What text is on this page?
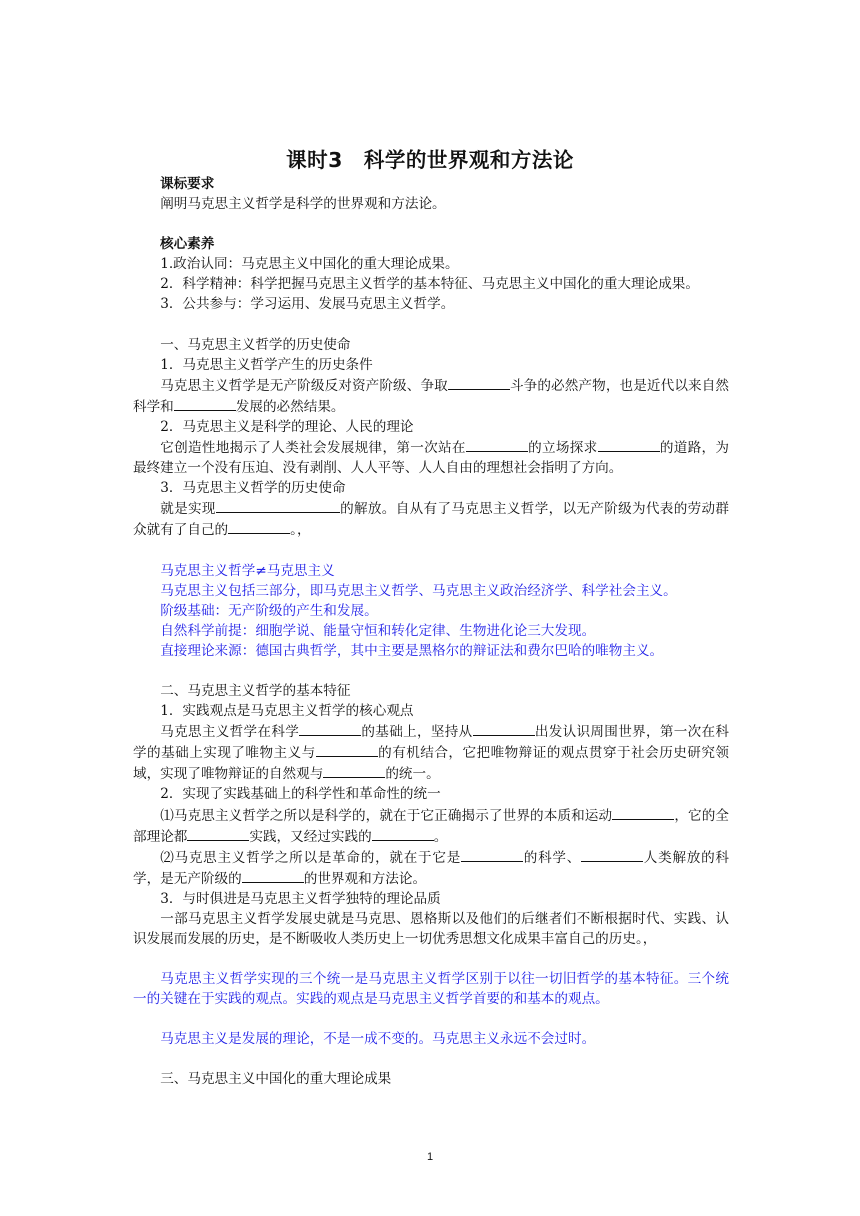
课时3　科学的世界观和方法论

课标要求

阐明马克思主义哲学是科学的世界观和方法论。

核心素养

1.政治认同：马克思主义中国化的重大理论成果。

2．科学精神：科学把握马克思主义哲学的基本特征、马克思主义中国化的重大理论成果。

3．公共参与：学习运用、发展马克思主义哲学。

一、马克思主义哲学的历史使命

1．马克思主义哲学产生的历史条件

马克思主义哲学是无产阶级反对资产阶级、争取	斗争的必然产物，也是近代以来自然科学和	发展的必然结果。

2．马克思主义是科学的理论、人民的理论

它创造性地揭示了人类社会发展规律，第一次站在	的立场探求	的道路，为最终建立一个没有压迫、没有剥削、人人平等、人人自由的理想社会指明了方向。

3．马克思主义哲学的历史使命

就是实现	的解放。自从有了马克思主义哲学，以无产阶级为代表的劳动群众就有了自己的	。，

马克思主义哲学≠马克思主义

马克思主义包括三部分，即马克思主义哲学、马克思主义政治经济学、科学社会主义。

阶级基础：无产阶级的产生和发展。

自然科学前提：细胞学说、能量守恒和转化定律、生物进化论三大发现。

直接理论来源：德国古典哲学，其中主要是黑格尔的辩证法和费尔巴哈的唯物主义。

二、马克思主义哲学的基本特征

1．实践观点是马克思主义哲学的核心观点

马克思主义哲学在科学	的基础上，坚持从	出发认识周围世界，第一次在科学的基础上实现了唯物主义与	的有机结合，它把唯物辩证的观点贯穿于社会历史研究领域，实现了唯物辩证的自然观与	的统一。

2．实现了实践基础上的科学性和革命性的统一

⑴马克思主义哲学之所以是科学的，就在于它正确揭示了世界的本质和运动	，它的全部理论都	实践，又经过实践的	。

⑵马克思主义哲学之所以是革命的，就在于它是	的科学、	人类解放的科学，是无产阶级的	的世界观和方法论。

3．与时俱进是马克思主义哲学独特的理论品质

一部马克思主义哲学发展史就是马克思、恩格斯以及他们的后继者们不断根据时代、实践、认识发展而发展的历史，是不断吸收人类历史上一切优秀思想文化成果丰富自己的历史。，

马克思主义哲学实现的三个统一是马克思主义哲学区别于以往一切旧哲学的基本特征。三个统一的关键在于实践的观点。实践的观点是马克思主义哲学首要的和基本的观点。

马克思主义是发展的理论，不是一成不变的。马克思主义永远不会过时。

三、马克思主义中国化的重大理论成果

1
